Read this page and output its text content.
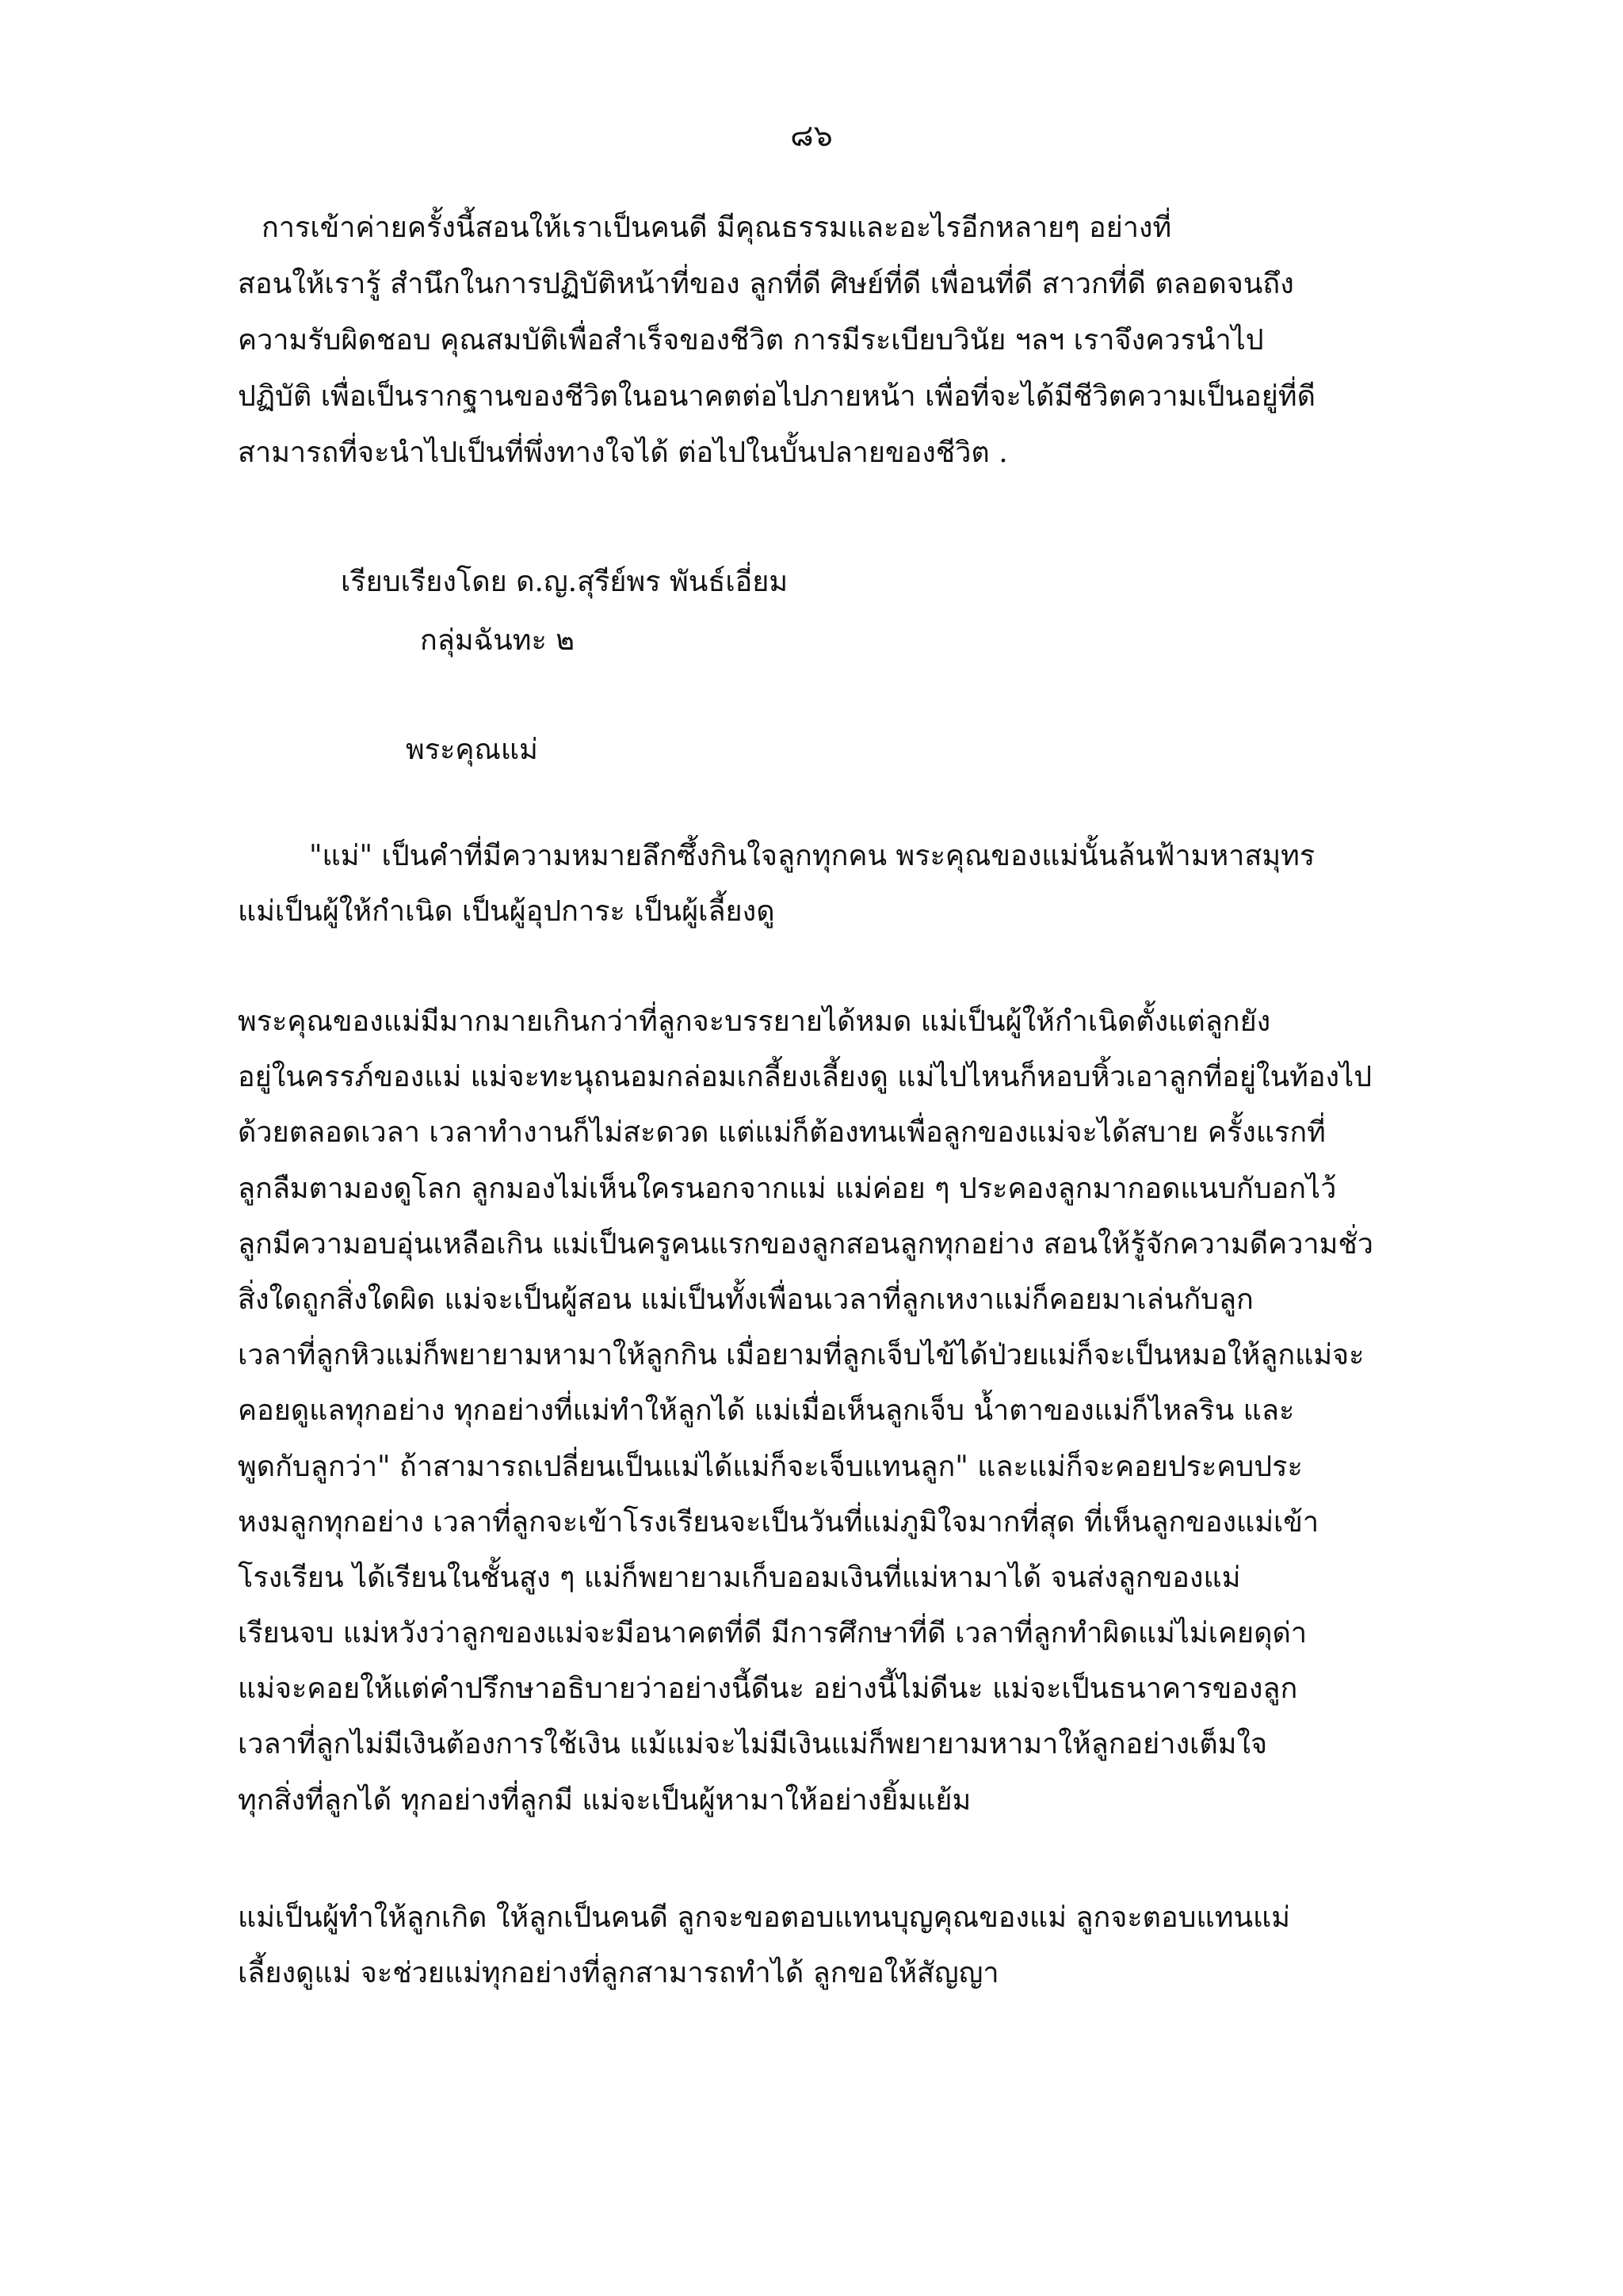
๘๖
การเข้าค่ายครั้งนี้สอนให้เราเป็นคนดี มีคุณธรรมและอะไรอีกหลายๆ อย่างที่
สอนให้เรารู้ สำนึกในการปฏิบัติหน้าที่ของ ลูกที่ดี ศิษย์ที่ดี เพื่อนที่ดี สาวกที่ดี ตลอดจนถึง
ความรับผิดชอบ คุณสมบัติเพื่อสำเร็จของชีวิต การมีระเบียบวินัย ฯลฯ เราจึงควรนำไป
ปฏิบัติ เพื่อเป็นรากฐานของชีวิตในอนาคตต่อไปภายหน้า เพื่อที่จะได้มีชีวิตความเป็นอยู่ที่ดี
สามารถที่จะนำไปเป็นที่พึ่งทางใจได้ ต่อไปในบั้นปลายของชีวิต .
เรียบเรียงโดย ด.ญ.สุรีย์พร พันธ์เอี่ยม
กลุ่มฉันทะ ๒
พระคุณแม่
"แม่" เป็นคำที่มีความหมายลึกซึ้งกินใจลูกทุกคน พระคุณของแม่นั้นล้นฟ้ามหาสมุทร
แม่เป็นผู้ให้กำเนิด เป็นผู้อุปการะ เป็นผู้เลี้ยงดู
พระคุณของแม่มีมากมายเกินกว่าที่ลูกจะบรรยายได้หมด แม่เป็นผู้ให้กำเนิดตั้งแต่ลูกยัง
อยู่ในครรภ์ของแม่ แม่จะทะนุถนอมกล่อมเกลี้ยงเลี้ยงดู แม่ไปไหนก็หอบหิ้วเอาลูกที่อยู่ในท้องไป
ด้วยตลอดเวลา เวลาทำงานก็ไม่สะดวด แต่แม่ก็ต้องทนเพื่อลูกของแม่จะได้สบาย ครั้งแรกที่
ลูกลืมตามองดูโลก ลูกมองไม่เห็นใครนอกจากแม่ แม่ค่อย ๆ ประคองลูกมากอดแนบกับอกไว้
ลูกมีความอบอุ่นเหลือเกิน แม่เป็นครูคนแรกของลูกสอนลูกทุกอย่าง สอนให้รู้จักความดีความชั่ว
สิ่งใดถูกสิ่งใดผิด แม่จะเป็นผู้สอน แม่เป็นทั้งเพื่อนเวลาที่ลูกเหงาแม่ก็คอยมาเล่นกับลูก
เวลาที่ลูกหิวแม่ก็พยายามหามาให้ลูกกิน เมื่อยามที่ลูกเจ็บไข้ได้ป่วยแม่ก็จะเป็นหมอให้ลูกแม่จะ
คอยดูแลทุกอย่าง ทุกอย่างที่แม่ทำให้ลูกได้ แม่เมื่อเห็นลูกเจ็บ น้ำตาของแม่ก็ไหลริน และ
พูดกับลูกว่า" ถ้าสามารถเปลี่ยนเป็นแม่ได้แม่ก็จะเจ็บแทนลูก" และแม่ก็จะคอยประคบประ
หงมลูกทุกอย่าง เวลาที่ลูกจะเข้าโรงเรียนจะเป็นวันที่แม่ภูมิใจมากที่สุด ที่เห็นลูกของแม่เข้า
โรงเรียน ได้เรียนในชั้นสูง ๆ แม่ก็พยายามเก็บออมเงินที่แม่หามาได้ จนส่งลูกของแม่
เรียนจบ แม่หวังว่าลูกของแม่จะมีอนาคตที่ดี มีการศึกษาที่ดี เวลาที่ลูกทำผิดแม่ไม่เคยดุด่า
แม่จะคอยให้แต่คำปรึกษาอธิบายว่าอย่างนี้ดีนะ อย่างนี้ไม่ดีนะ แม่จะเป็นธนาคารของลูก
เวลาที่ลูกไม่มีเงินต้องการใช้เงิน แม้แม่จะไม่มีเงินแม่ก็พยายามหามาให้ลูกอย่างเต็มใจ
ทุกสิ่งที่ลูกได้ ทุกอย่างที่ลูกมี แม่จะเป็นผู้หามาให้อย่างยิ้มแย้ม
แม่เป็นผู้ทำให้ลูกเกิด ให้ลูกเป็นคนดี ลูกจะขอตอบแทนบุญคุณของแม่ ลูกจะตอบแทนแม่
เลี้ยงดูแม่ จะช่วยแม่ทุกอย่างที่ลูกสามารถทำได้ ลูกขอให้สัญญา
